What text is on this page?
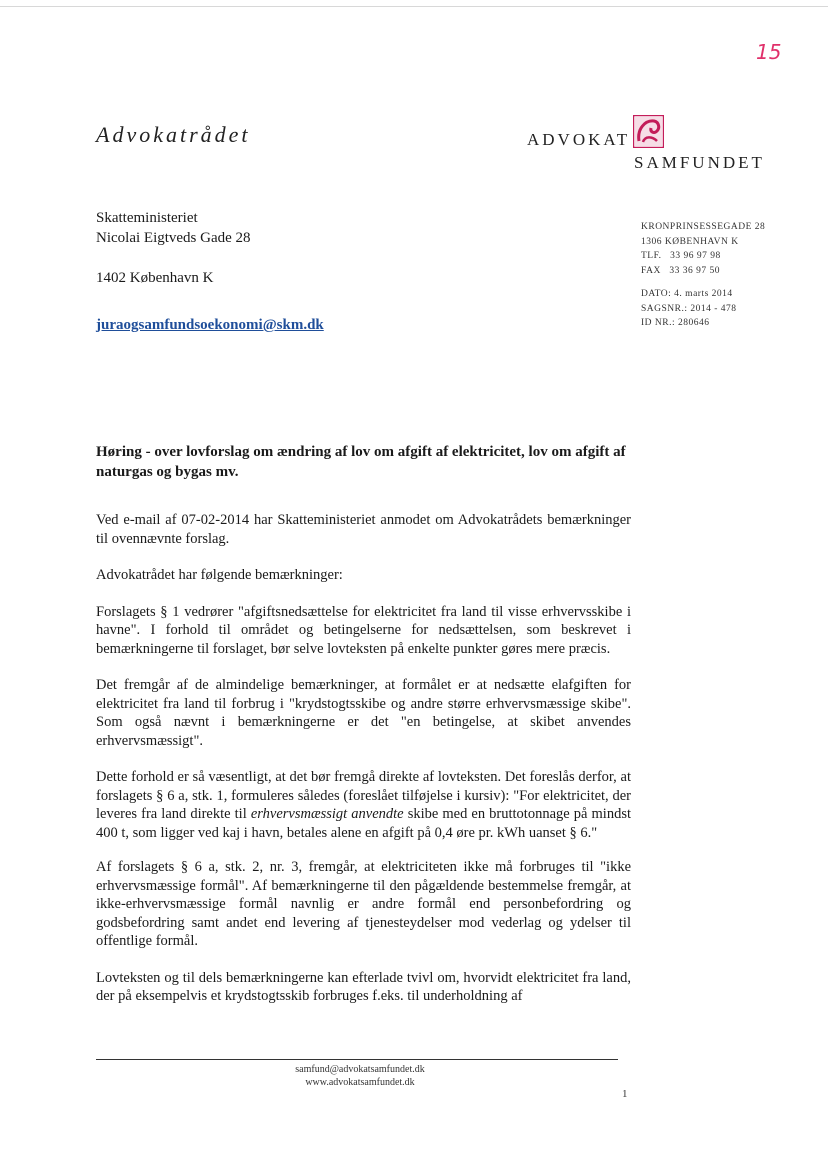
15
Advokatrådet	ADVOKAT
SAMFUNDET
Skatteministeriet
Nicolai Eigtveds Gade 28
1402 København K
juraogsamfundsoekonomi@skm.dk
KRONPRINSESSEGADE 28
1306 KØBENHAVN K
TLF.   33 96 97 98
FAX   33 36 97 50
DATO: 4. marts 2014
SAGSNR.: 2014 - 478
ID NR.: 280646
Høring - over lovforslag om ændring af lov om afgift af elektricitet, lov om afgift af naturgas og bygas mv.

Ved e-mail af 07-02-2014 har Skatteministeriet anmodet om Advokatrådets bemærkninger til ovennævnte forslag.

Advokatrådet har følgende bemærkninger:

Forslagets § 1 vedrører "afgiftsnedsættelse for elektricitet fra land til visse erhvervsskibe i havne". I forhold til området og betingelserne for nedsættelsen, som beskrevet i bemærkningerne til forslaget, bør selve lovteksten på enkelte punkter gøres mere præcis.

Det fremgår af de almindelige bemærkninger, at formålet er at nedsætte elafgiften for elektricitet fra land til forbrug i "krydstogtsskibe og andre større erhvervsmæssige skibe". Som også nævnt i bemærkningerne er det "en betingelse, at skibet anvendes erhvervsmæssigt".

Dette forhold er så væsentligt, at det bør fremgå direkte af lovteksten. Det foreslås derfor, at forslagets § 6 a, stk. 1, formuleres således (foreslået tilføjelse i kursiv): "For elektricitet, der leveres fra land direkte til erhvervsmæssigt anvendte skibe med en bruttotonnage på mindst 400 t, som ligger ved kaj i havn, betales alene en afgift på 0,4 øre pr. kWh uanset § 6."

Af forslagets § 6 a, stk. 2, nr. 3, fremgår, at elektriciteten ikke må forbruges til "ikke erhvervsmæssige formål". Af bemærkningerne til den pågældende bestemmelse fremgår, at ikke-erhvervsmæssige formål navnlig er andre formål end personbefordring og godsbefordring samt andet end levering af tjenesteydelser mod vederlag og ydelser til offentlige formål.

Lovteksten og til dels bemærkningerne kan efterlade tvivl om, hvorvidt elektricitet fra land, der på eksempelvis et krydstogtsskib forbruges f.eks. til underholdning af

samfund@advokatsamfundet.dk
www.advokatsamfundet.dk
1
